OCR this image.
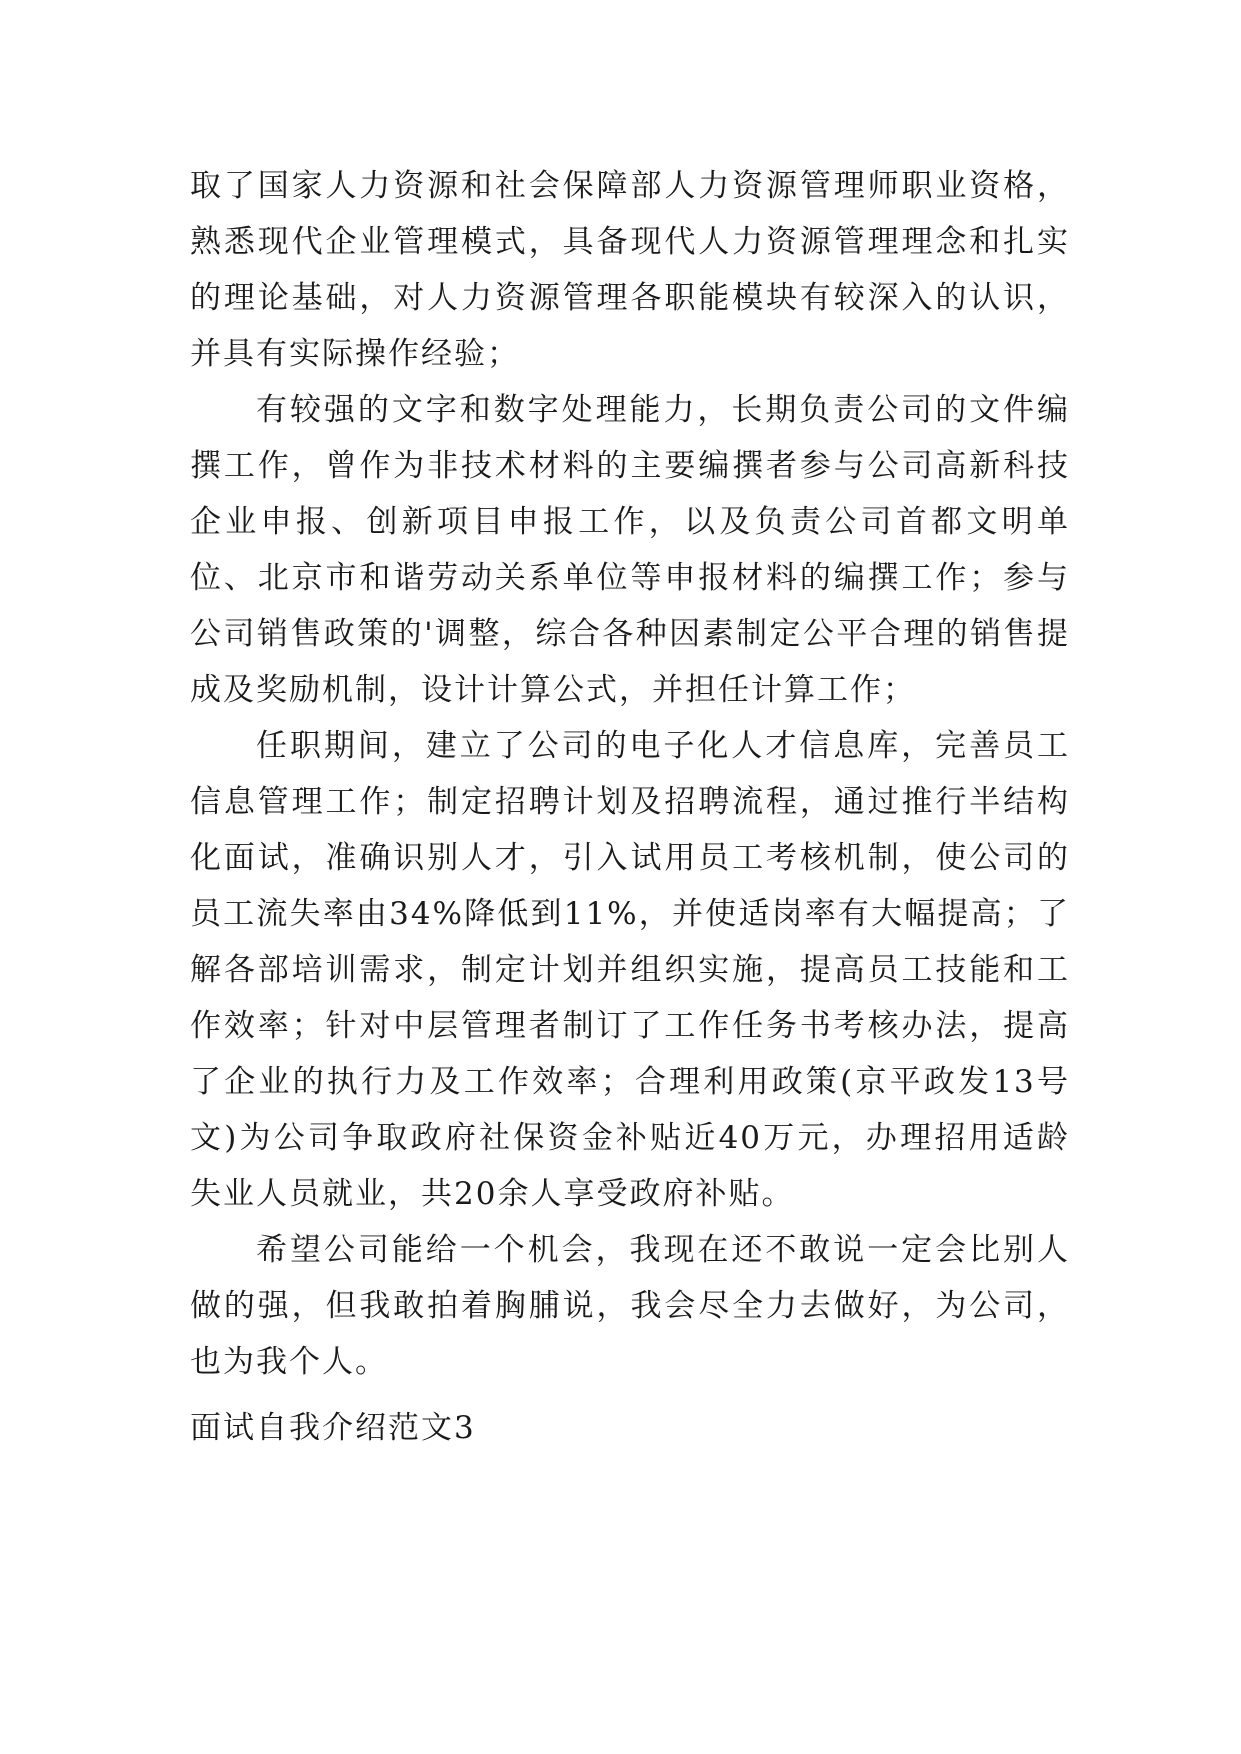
取了国家人力资源和社会保障部人力资源管理师职业资格，熟悉现代企业管理模式，具备现代人力资源管理理念和扎实的理论基础，对人力资源管理各职能模块有较深入的认识，并具有实际操作经验；

有较强的文字和数字处理能力，长期负责公司的文件编撰工作，曾作为非技术材料的主要编撰者参与公司高新科技企业申报、创新项目申报工作，以及负责公司首都文明单位、北京市和谐劳动关系单位等申报材料的编撰工作；参与公司销售政策的'调整，综合各种因素制定公平合理的销售提成及奖励机制，设计计算公式，并担任计算工作；

任职期间，建立了公司的电子化人才信息库，完善员工信息管理工作；制定招聘计划及招聘流程，通过推行半结构化面试，准确识别人才，引入试用员工考核机制，使公司的员工流失率由34%降低到11%，并使适岗率有大幅提高；了解各部培训需求，制定计划并组织实施，提高员工技能和工作效率；针对中层管理者制订了工作任务书考核办法，提高了企业的执行力及工作效率；合理利用政策(京平政发13号文)为公司争取政府社保资金补贴近40万元，办理招用适龄失业人员就业，共20余人享受政府补贴。

希望公司能给一个机会，我现在还不敢说一定会比别人做的强，但我敢拍着胸脯说，我会尽全力去做好，为公司，也为我个人。

面试自我介绍范文3
